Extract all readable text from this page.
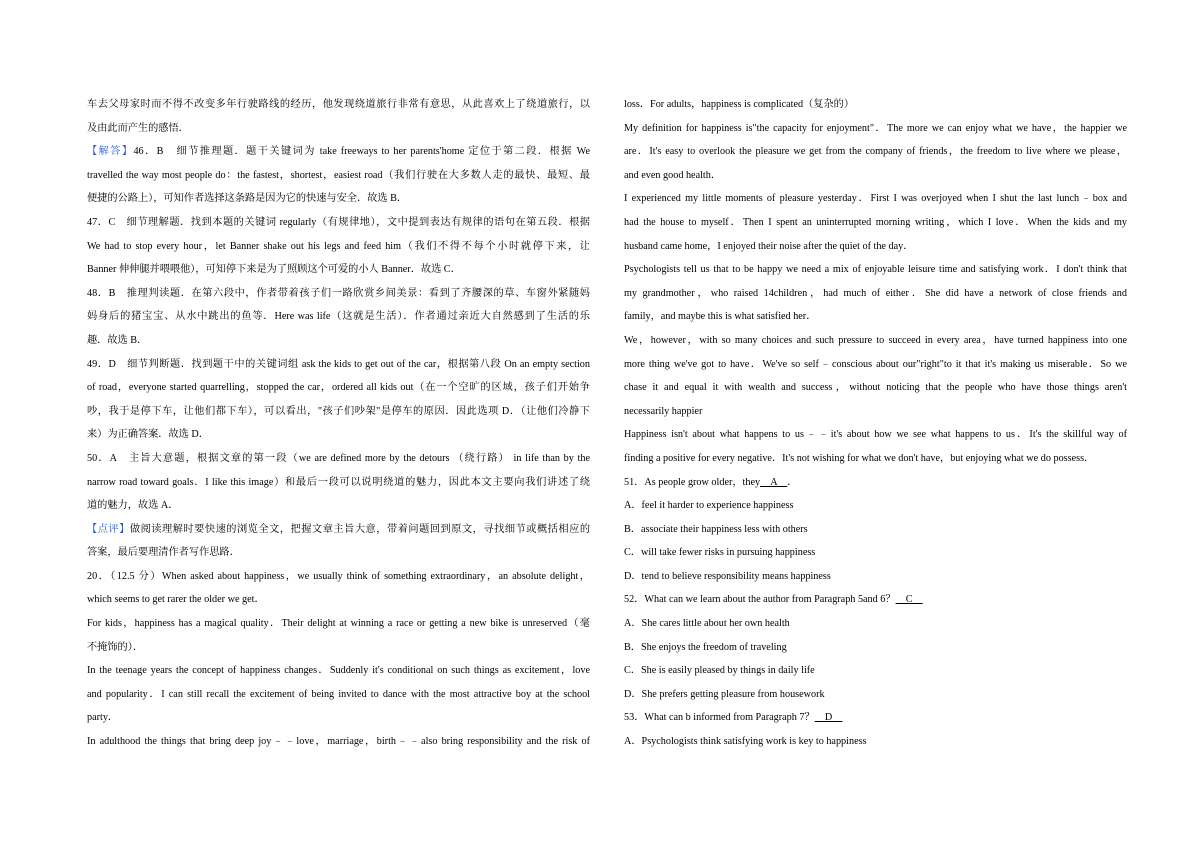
车去父母家时而不得不改变多年行驶路线的经历，他发现绕道旅行非常有意思，从此喜欢上了绕道旅行，以

及由此而产生的感悟．

【解答】46．B　细节推理题．题干关键词为 take freeways to her parents'home 定位于第二段．根据 We

travelled the way most people do：the fastest，shortest，easiest road（我们行驶在大多数人走的最快、最短、最

便捷的公路上），可知作者选择这条路是因为它的快速与安全．故选 B．

47．C　细节理解题．找到本题的关键词 regularly（有规律地），文中提到表达有规律的语句在第五段．根据

We had to stop every hour，let Banner shake out his legs and feed him（我们不得不每个小时就停下来，让

Banner 伸伸腿并喂喂他），可知停下来是为了照顾这个可爱的小人 Banner．故选 C．

48．B　推理判读题．在第六段中，作者带着孩子们一路欣赏乡间美景：看到了齐腰深的草、车窗外紧随妈

妈身后的猪宝宝、从水中跳出的鱼等．Here was life（这就是生活）．作者通过亲近大自然感到了生活的乐

趣．故选 B．

49．D　细节判断题．找到题干中的关键词组 ask the kids to get out of the car，根据第八段 On an empty section

of road，everyone started quarrelling，stopped the car，ordered all kids out（在一个空旷的区域，孩子们开始争

吵，我于是停下车，让他们都下车），可以看出，"孩子们吵架"是停车的原因．因此选项 D．（让他们冷静下

来）为正确答案．故选 D．

50．A　主旨大意题，根据文章的第一段（we are defined more by the detours （绕行路） in life than by the

narrow road toward goals．I like this image）和最后一段可以说明绕道的魅力，因此本文主要向我们讲述了绕

道的魅力，故选 A．

【点评】做阅读理解时要快速的浏览全文，把握文章主旨大意，带着问题回到原文，寻找细节或概括相应的

答案，最后要理清作者写作思路．

20．（12.5 分）When asked about happiness，we usually think of something extraordinary，an absolute delight，

which seems to get rarer the older we get．

For kids，happiness has a magical quality．Their delight at winning a race or getting a new bike is unreserved（毫

不掩饰的）．

In the teenage years the concept of happiness changes．Suddenly it's conditional on such things as excitement，love

and popularity．I can still recall the excitement of being invited to dance with the most attractive boy at the school

party．

In adulthood the things that bring deep joy﹣﹣love，marriage，birth﹣﹣also bring responsibility and the risk of

loss．For adults，happiness is complicated（复杂的）

My definition for happiness is"the capacity for enjoyment"．The more we can enjoy what we have，the happier we

are．It's easy to overlook the pleasure we get from the company of friends，the freedom to live where we please，

and even good health．

I experienced my little moments of pleasure yesterday．First I was overjoyed when I shut the last lunch﹣box and

had the house to myself．Then I spent an uninterrupted morning writing，which I love．When the kids and my

husband came home，I enjoyed their noise after the quiet of the day．

Psychologists tell us that to be happy we need a mix of enjoyable leisure time and satisfying work．I don't think that

my grandmother，who raised 14children，had much of either．She did have a network of close friends and

family，and maybe this is what satisfied her．

We，however，with so many choices and such pressure to succeed in every area，have turned happiness into one

more thing we've got to have．We've so self﹣conscious about our"right"to it that it's making us miserable．So we

chase it and equal it with wealth and success，without noticing that the people who have those things aren't

necessarily happier

Happiness isn't about what happens to us﹣﹣it's about how we see what happens to us．It's the skillful way of

finding a positive for every negative．It's not wishing for what we don't have，but enjoying what we do possess．

51．As people grow older，they　A　．

A．feel it harder to experience happiness

B．associate their happiness less with others

C．will take fewer risks in pursuing happiness

D．tend to believe responsibility means happiness

52．What can we learn about the author from Paragraph 5and 6？　C　

A．She cares little about her own health

B．She enjoys the freedom of traveling

C．She is easily pleased by things in daily life

D．She prefers getting pleasure from housework

53．What can b informed from Paragraph 7？　D　

A．Psychologists think satisfying work is key to happiness
